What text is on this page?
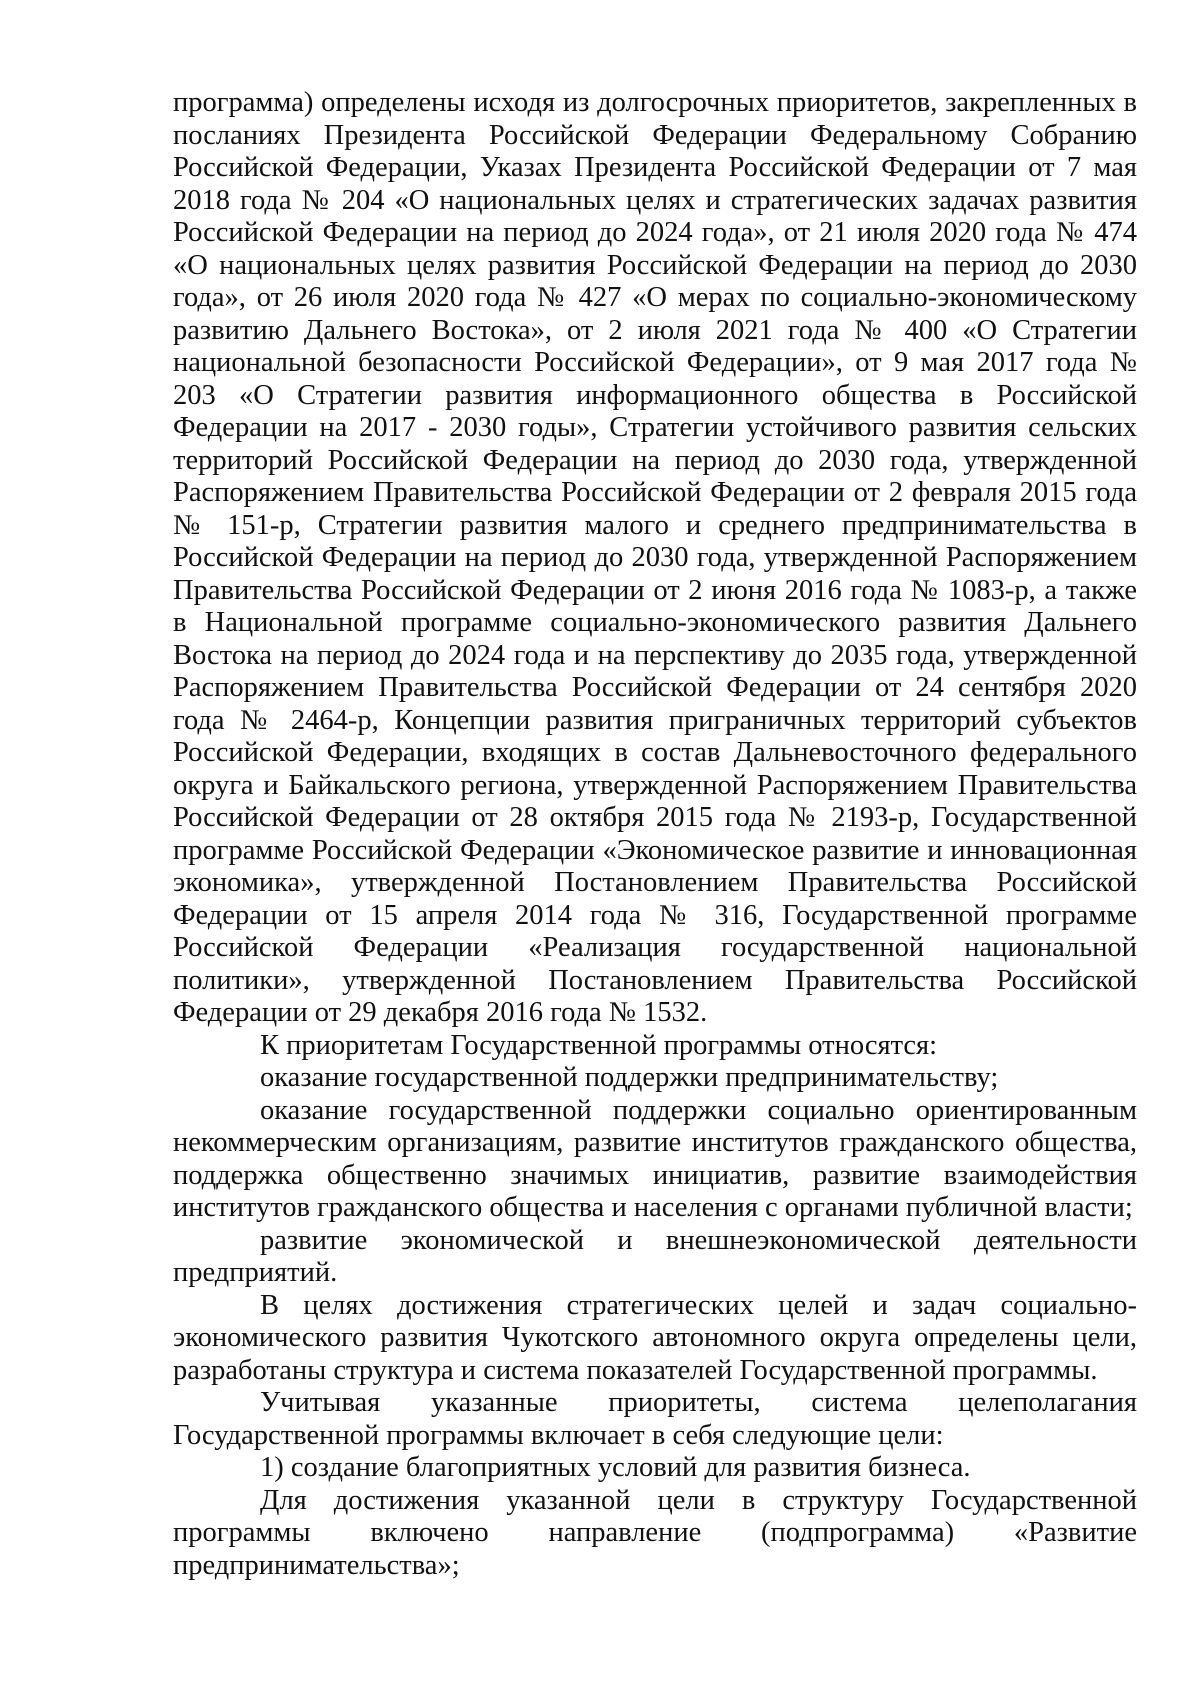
программа) определены исходя из долгосрочных приоритетов, закрепленных в посланиях Президента Российской Федерации Федеральному Собранию Российской Федерации, Указах Президента Российской Федерации от 7 мая 2018 года № 204 «О национальных целях и стратегических задачах развития Российской Федерации на период до 2024 года», от 21 июля 2020 года № 474 «О национальных целях развития Российской Федерации на период до 2030 года», от 26 июля 2020 года № 427 «О мерах по социально-экономическому развитию Дальнего Востока», от 2 июля 2021 года № 400 «О Стратегии национальной безопасности Российской Федерации», от 9 мая 2017 года № 203 «О Стратегии развития информационного общества в Российской Федерации на 2017 - 2030 годы», Стратегии устойчивого развития сельских территорий Российской Федерации на период до 2030 года, утвержденной Распоряжением Правительства Российской Федерации от 2 февраля 2015 года № 151-р, Стратегии развития малого и среднего предпринимательства в Российской Федерации на период до 2030 года, утвержденной Распоряжением Правительства Российской Федерации от 2 июня 2016 года № 1083-р, а также в Национальной программе социально-экономического развития Дальнего Востока на период до 2024 года и на перспективу до 2035 года, утвержденной Распоряжением Правительства Российской Федерации от 24 сентября 2020 года № 2464-р, Концепции развития приграничных территорий субъектов Российской Федерации, входящих в состав Дальневосточного федерального округа и Байкальского региона, утвержденной Распоряжением Правительства Российской Федерации от 28 октября 2015 года № 2193-р, Государственной программе Российской Федерации «Экономическое развитие и инновационная экономика», утвержденной Постановлением Правительства Российской Федерации от 15 апреля 2014 года № 316, Государственной программе Российской Федерации «Реализация государственной национальной политики», утвержденной Постановлением Правительства Российской Федерации от 29 декабря 2016 года № 1532.

К приоритетам Государственной программы относятся:

оказание государственной поддержки предпринимательству;

оказание государственной поддержки социально ориентированным некоммерческим организациям, развитие институтов гражданского общества, поддержка общественно значимых инициатив, развитие взаимодействия институтов гражданского общества и населения с органами публичной власти;

развитие экономической и внешнеэкономической деятельности предприятий.

В целях достижения стратегических целей и задач социально-экономического развития Чукотского автономного округа определены цели, разработаны структура и система показателей Государственной программы.

Учитывая указанные приоритеты, система целеполагания Государственной программы включает в себя следующие цели:

1) создание благоприятных условий для развития бизнеса.

Для достижения указанной цели в структуру Государственной программы включено направление (подпрограмма) «Развитие предпринимательства»;
